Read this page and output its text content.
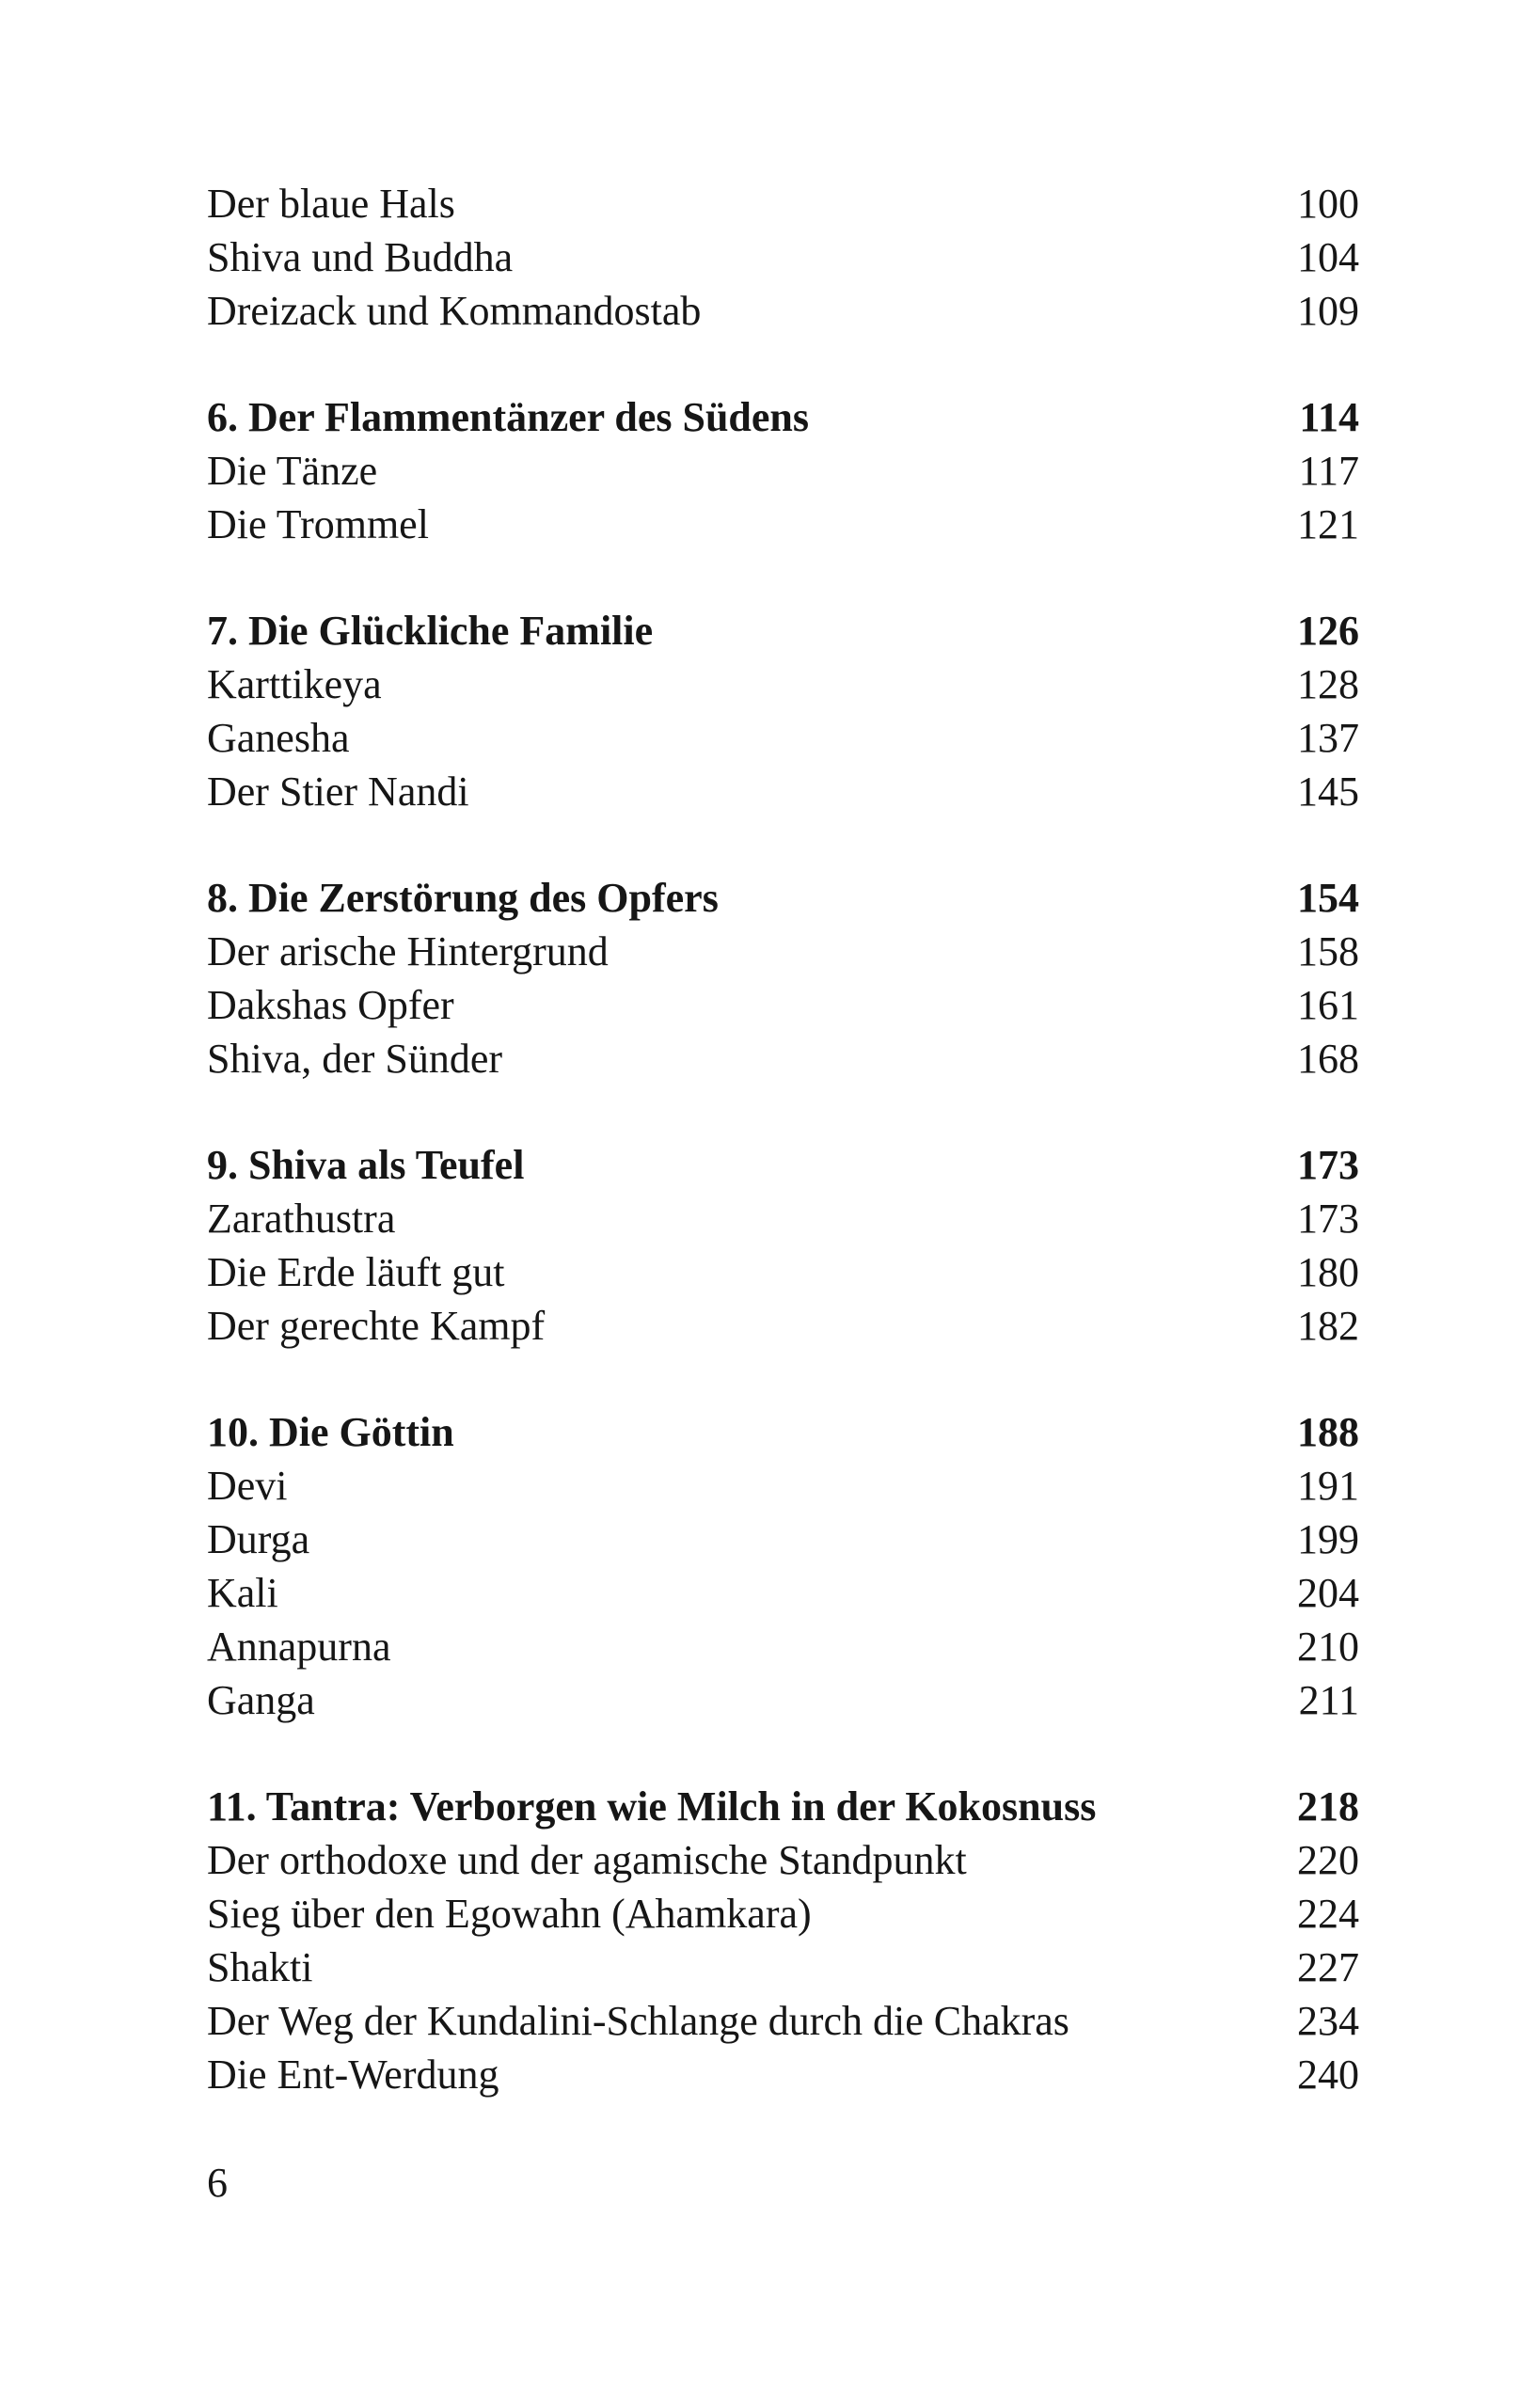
Der blaue Hals	100
Shiva und Buddha	104
Dreizack und Kommandostab	109
6. Der Flammentänzer des Südens	114
Die Tänze	117
Die Trommel	121
7. Die Glückliche Familie	126
Karttikeya	128
Ganesha	137
Der Stier Nandi	145
8. Die Zerstörung des Opfers	154
Der arische Hintergrund	158
Dakshas Opfer	161
Shiva, der Sünder	168
9. Shiva als Teufel	173
Zarathustra	173
Die Erde läuft gut	180
Der gerechte Kampf	182
10. Die Göttin	188
Devi	191
Durga	199
Kali	204
Annapurna	210
Ganga	211
11. Tantra: Verborgen wie Milch in der Kokosnuss	218
Der orthodoxe und der agamische Standpunkt	220
Sieg über den Egowahn (Ahamkara)	224
Shakti	227
Der Weg der Kundalini-Schlange durch die Chakras	234
Die Ent-Werdung	240
6
